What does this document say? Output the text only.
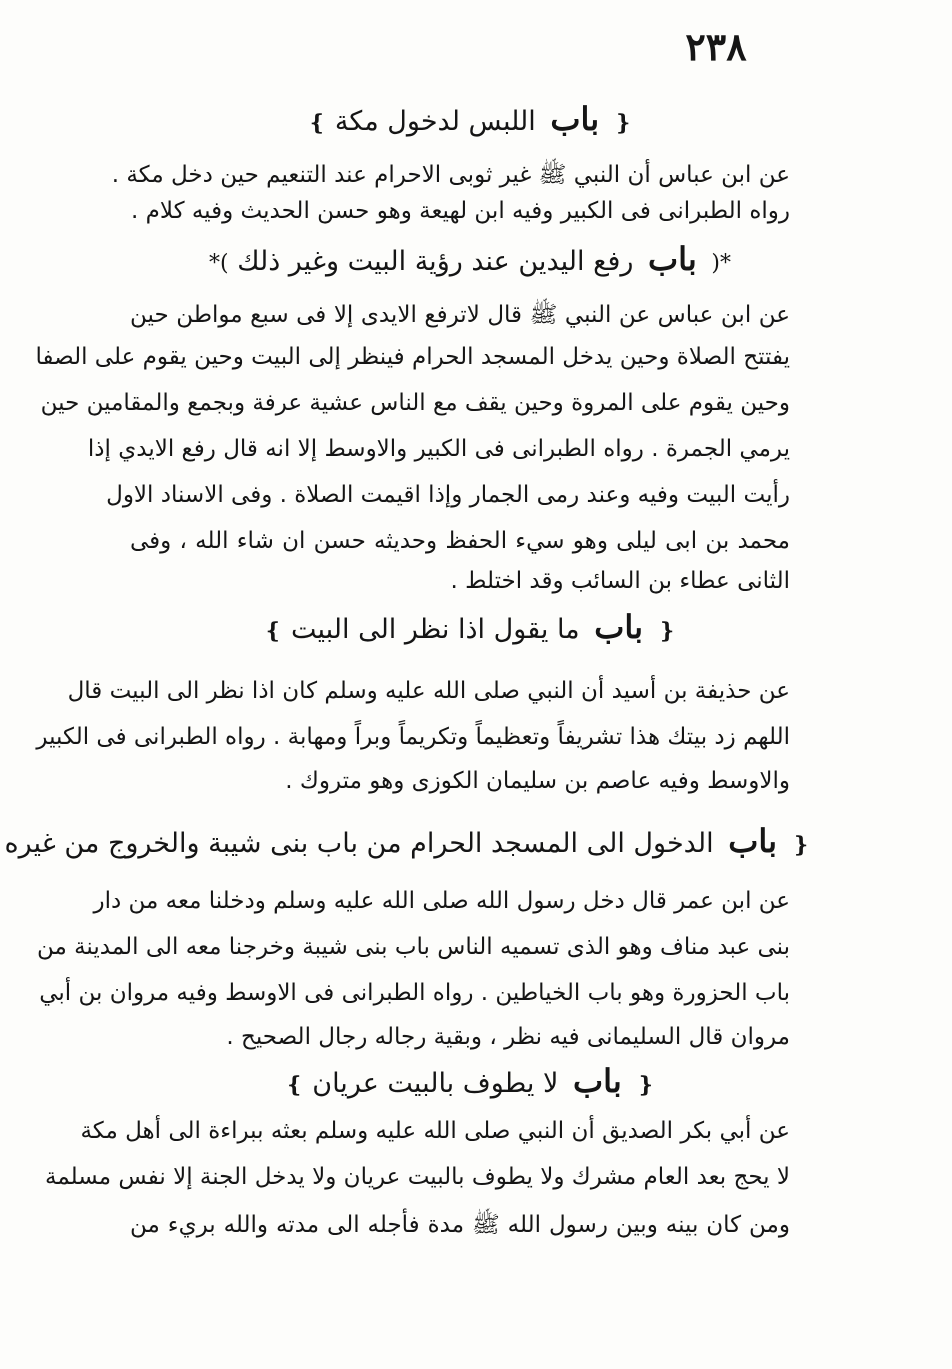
٢٣٨
❴ باب اللبس لدخول مكة ❵
عن ابن عباس أن النبي ﷺ غير ثوبى الاحرام عند التنعيم حين دخل مكة .
رواه الطبرانى فى الكبير وفيه ابن لهيعة وهو حسن الحديث وفيه كلام .
*( باب رفع اليدين عند رؤية البيت وغير ذلك )*
عن ابن عباس عن النبي ﷺ قال لاترفع الايدى إلا فى سبع مواطن حين
يفتتح الصلاة وحين يدخل المسجد الحرام فينظر إلى البيت وحين يقوم على الصفا
وحين يقوم على المروة وحين يقف مع الناس عشية عرفة وبجمع والمقامين حين
يرمي الجمرة . رواه الطبرانى فى الكبير والاوسط إلا انه قال رفع الايدي إذا
رأيت البيت وفيه وعند رمى الجمار وإذا اقيمت الصلاة . وفى الاسناد الاول
محمد بن ابى ليلى وهو سيء الحفظ وحديثه حسن ان شاء الله ، وفى
الثانى عطاء بن السائب وقد اختلط .
❴ باب ما يقول اذا نظر الى البيت ❵
عن حذيفة بن أسيد أن النبي صلى الله عليه وسلم كان اذا نظر الى البيت قال
اللهم زد بيتك هذا تشريفاً وتعظيماً وتكريماً وبراً ومهابة . رواه الطبرانى فى الكبير
والاوسط وفيه عاصم بن سليمان الكوزى وهو متروك .
❴ باب الدخول الى المسجد الحرام من باب بنى شيبة والخروج من غيره
عن ابن عمر قال دخل رسول الله صلى الله عليه وسلم ودخلنا معه من دار
بنى عبد مناف وهو الذى تسميه الناس باب بنى شيبة وخرجنا معه الى المدينة من
باب الحزورة وهو باب الخياطين . رواه الطبرانى فى الاوسط وفيه مروان بن أبي
مروان قال السليمانى فيه نظر ، وبقية رجاله رجال الصحيح .
❴ باب لا يطوف بالبيت عريان ❵
عن أبي بكر الصديق أن النبي صلى الله عليه وسلم بعثه ببراءة الى أهل مكة
لا يحج بعد العام مشرك ولا يطوف بالبيت عريان ولا يدخل الجنة إلا نفس مسلمة
ومن كان بينه وبين رسول الله ﷺ مدة فأجله الى مدته والله بريء من
